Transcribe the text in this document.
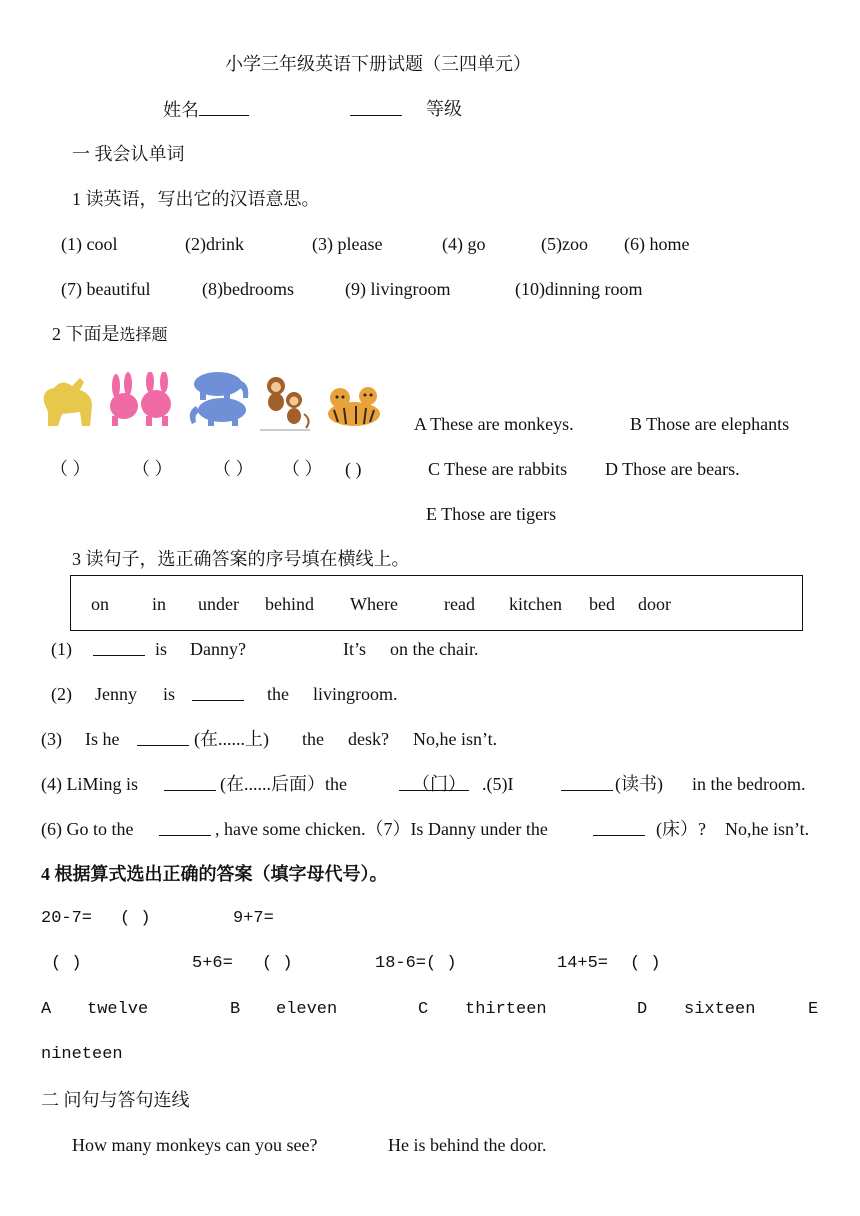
小学三年级英语下册试题（三四单元）
姓名	等级
一 我会认单词
1 读英语，写出它的汉语意思。
(1) cool	(2)drink	(3) please	(4) go	(5)zoo (6) home
(7) beautiful	(8)bedrooms	(9) livingroom	(10)dinning room
2 下面是选择题
A These are monkeys.	B Those are elephants
（ ） （ ） （ ） （ ） ( )	C These are rabbits D Those are bears.
E Those are tigers
3 读句子，选正确答案的序号填在横线上。
on in under behind Where	read kitchen bed door
(1)	is Danny?	It’s on the chair.
(2) Jenny is	the livingroom.
(3) Is he	(在......上) the desk? No,he isn’t.
(4) LiMing is	(在......后面）the	（门） .(5)I	(读书) in the bedroom.
(6) Go to the	, have some chicken.（7）Is Danny under the	(床）? No,he isn’t.
4 根据算式选出正确的答案（填字母代号）。
20-7= ( )	9+7=
( )	5+6= ( )	18-6=( )	14+5= ( )
A twelve	B eleven	C thirteen	D sixteen	E
nineteen
二 问句与答句连线
How many monkeys can you see?	He is behind the door.
